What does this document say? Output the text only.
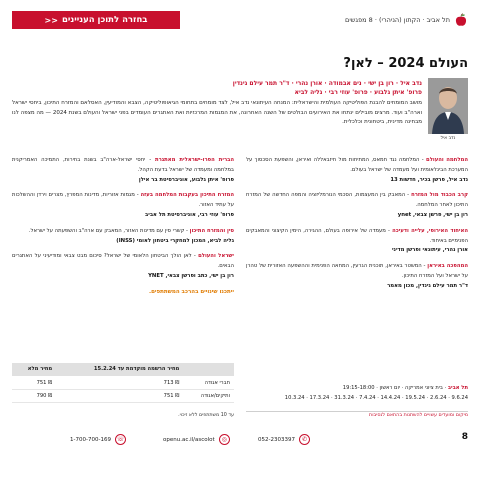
תל אביב · הקתון (הניהרי) · 8 מפגשים
בחזרה לתוכן העניינים
<<
העולם 2024 – לאן?
נדב איל
נדב איל · רון בן ישי · נים אבמודה · אורן נהרי · ד"ר תמר עילם גינדין
פרופ' איתן גלבוע · פרופ' עוזי רבי · גליה לביא

מושב המומחים להבנת הפוליטיקה העולמית והישראלית: המנחה העיתונאי נדב איל, לצד מומחים בתחומי הגיאופוליטיקה, הצבא והמודיעין, האסלאם והמזרח התיכון, ביחסי ישראל וארה"ב ועוד. מרצים מובילים ינתחו את האירועים הבולטים של השנה האחרונה, את המגמות המרכזיות ואת האתגרים העומדים בפני ישראל והעולם בשנת 2024 — מה מצפה לנו מבחינה מדינית, ביטחונית וכלכלית.

המלחמה והעולם - המלחמה נגד חמאס, המתיחות מול חיזבאללה ואיראן, והשפעת הסכסוך על המערכת הבינלאומית ועל מעמדה של ישראל בעולם.
נדב איל, פרשן בכיר, חדשות 13

קרב הכבוד מול המזרח - המאבק בין המעצמות, הסכמי הנורמליזציה והמפה החדשה של המזרח התיכון לאחר המלחמה.
רון בן ישי, פרשן צבאי, ynet

האיחוד האירופי, עלייה ודעיכה - מעמדה של אירופה בעולם, ההגירה, הימין הקיצוני והמאבקים הפנימיים באיחוד.
אורן נהרי, עיתונאי ופרשן מדיני

המהפכה באיראן - המשטר באיראן, תוכנית הגרעין, המחאה הפנימית וההשפעה האזורית של טהרן על ישראל ועל המזרח התיכון.
ד"ר תמר עילם גינדין, מכון מאמר

הברית הפרו-ישראלית מאתגרת - יחסי ישראל-ארה"ב בשנת בחירות, התמיכה האמריקנית במלחמה ומעמדה של ישראל בדעת הקהל.
פרופ' איתן גלבוע, אוניברסיטת בר אילן

המזרח התיכון בעקבות המלחמה בעזה - מגמות אזוריות, מדינות המפרץ, מצרים וירדן וההשלכות על עתיד האזור.
פרופ' עוזי רבי, אוניברסיטת תל אביב

סין והמזרח התיכון - קשרי סין עם מדינות האזור, המאבק עם ארה"ב והשפעתה על ישראל.
גליה לביא, המכון למחקרי ביטחון לאומי (INSS)

ישראל והעולם - לאן הולך הביטחון הלאומי של ישראל? סיכום מבט צבאי ומודיעיני על האתגרים הבאים.
רון בן ישי, כתב ופרשן צבאי, YNET

ייתכנו שינויים בהרכב המשתתפים.

	מחיר הרשמה מוקדמת עד 15.2.24	מחיר מלא
חברי אגודה	713 ₪	751 ₪
ותיקים/אגודה	751 ₪	790 ₪
עד 10 משתתפים ללא זיכוי.
תל אביב · בית ציוני אמריקה · יום ראשון · 19:15-18:00
9.6.24 · 2.6.24 · 19.5.24 · 14.4.24 · 7.4.24 · 31.3.24 · 17.3.24 · 10.3.24
מיקום ומועדים עשויים להשתנות בהתאם לנסיבות
8
052-2303397	✆
openu.ac.il/ascolot	◎
1-700-700-169 ☏
